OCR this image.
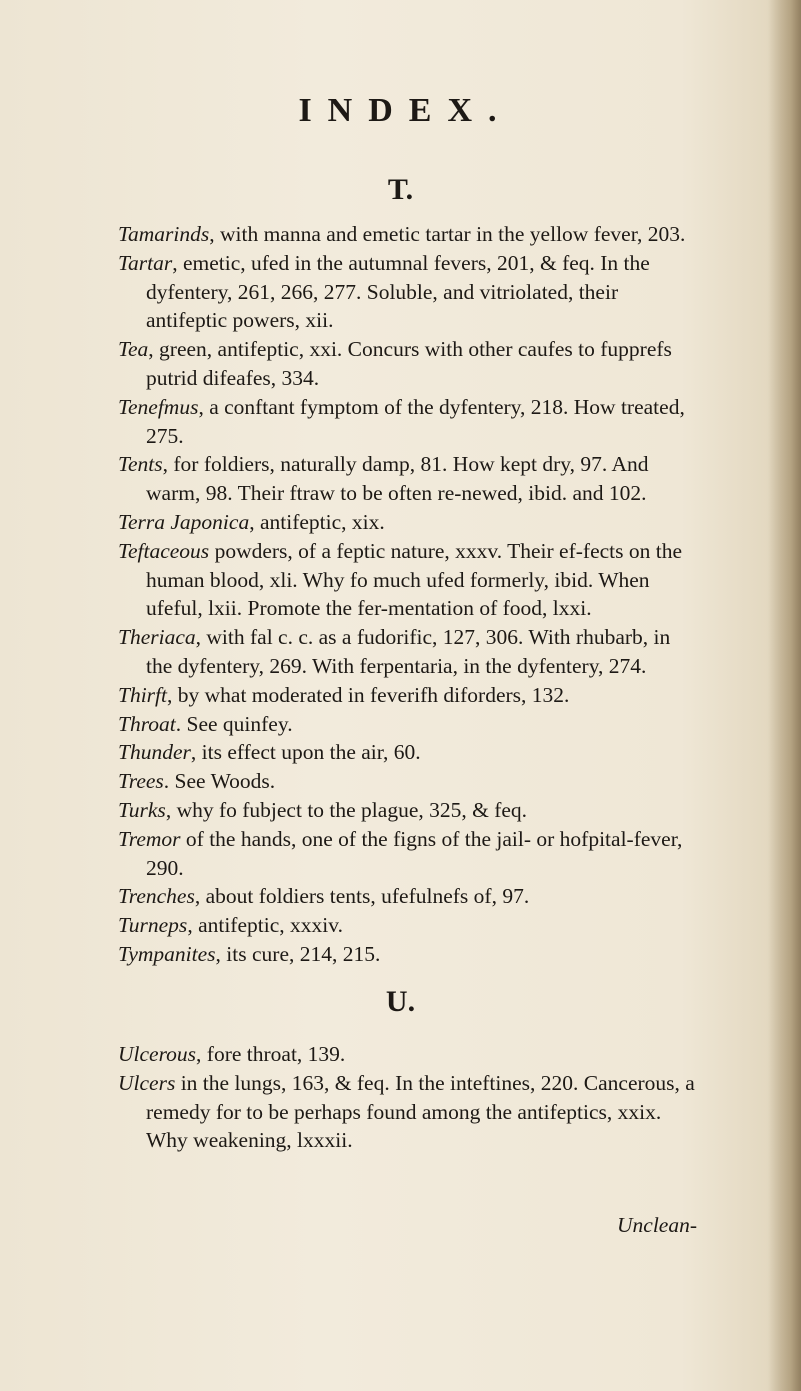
INDEX.
T.
Tamarinds, with manna and emetic tartar in the yellow fever, 203.
Tartar, emetic, ufed in the autumnal fevers, 201, & feq. In the dyfentery, 261, 266, 277. Soluble, and vitriolated, their antifeptic powers, xii.
Tea, green, antifeptic, xxi. Concurs with other caufes to fupprefs putrid difeafes, 334.
Tenefmus, a conftant fymptom of the dyfentery, 218. How treated, 275.
Tents, for foldiers, naturally damp, 81. How kept dry, 97. And warm, 98. Their ftraw to be often re-newed, ibid. and 102.
Terra Japonica, antifeptic, xix.
Teftaceous powders, of a feptic nature, xxxv. Their ef-fects on the human blood, xli. Why fo much ufed formerly, ibid. When ufeful, lxii. Promote the fer-mentation of food, lxxi.
Theriaca, with fal c. c. as a fudorific, 127, 306. With rhubarb, in the dyfentery, 269. With ferpentaria, in the dyfentery, 274.
Thirft, by what moderated in feverifh diforders, 132.
Throat. See quinfey.
Thunder, its effect upon the air, 60.
Trees. See Woods.
Turks, why fo fubject to the plague, 325, & feq.
Tremor of the hands, one of the figns of the jail- or hofpital-fever, 290.
Trenches, about foldiers tents, ufefulnefs of, 97.
Turneps, antifeptic, xxxiv.
Tympanites, its cure, 214, 215.
U.
Ulcerous, fore throat, 139.
Ulcers in the lungs, 163, & feq. In the inteftines, 220. Cancerous, a remedy for to be perhaps found among the antifeptics, xxix. Why weakening, lxxxii.
Unclean-
